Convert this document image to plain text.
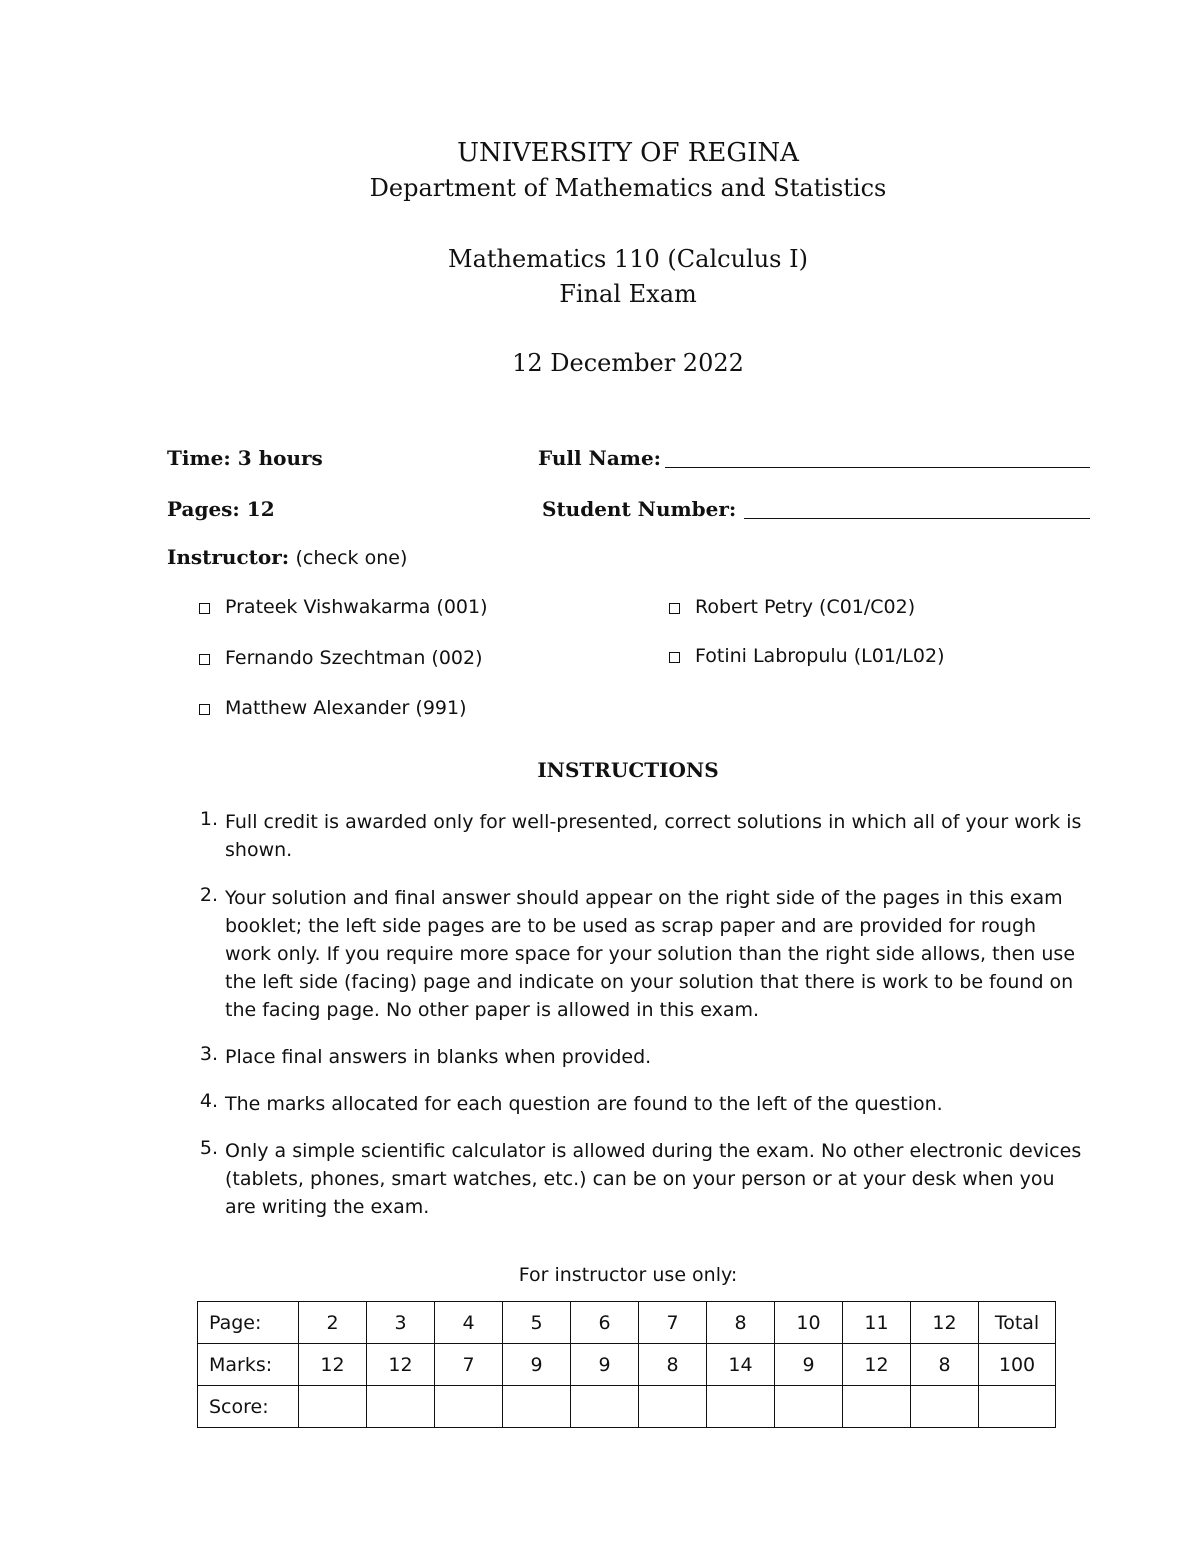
UNIVERSITY OF REGINA
Department of Mathematics and Statistics
Mathematics 110 (Calculus I)
Final Exam
12 December 2022
Time: 3 hours	Full Name:
Pages: 12	Student Number:
Instructor: (check one)
Prateek Vishwakarma (001)
Fernando Szechtman (002)
Matthew Alexander (991)
Robert Petry (C01/C02)
Fotini Labropulu (L01/L02)
INSTRUCTIONS
1. Full credit is awarded only for well-presented, correct solutions in which all of your work is shown.
2. Your solution and final answer should appear on the right side of the pages in this exam booklet; the left side pages are to be used as scrap paper and are provided for rough work only. If you require more space for your solution than the right side allows, then use the left side (facing) page and indicate on your solution that there is work to be found on the facing page. No other paper is allowed in this exam.
3. Place final answers in blanks when provided.
4. The marks allocated for each question are found to the left of the question.
5. Only a simple scientific calculator is allowed during the exam. No other electronic devices (tablets, phones, smart watches, etc.) can be on your person or at your desk when you are writing the exam.
For instructor use only:
Page:	2	3	4	5	6	7	8	10	11	12	Total
Marks:	12	12	7	9	9	8	14	9	12	8	100
Score:											
